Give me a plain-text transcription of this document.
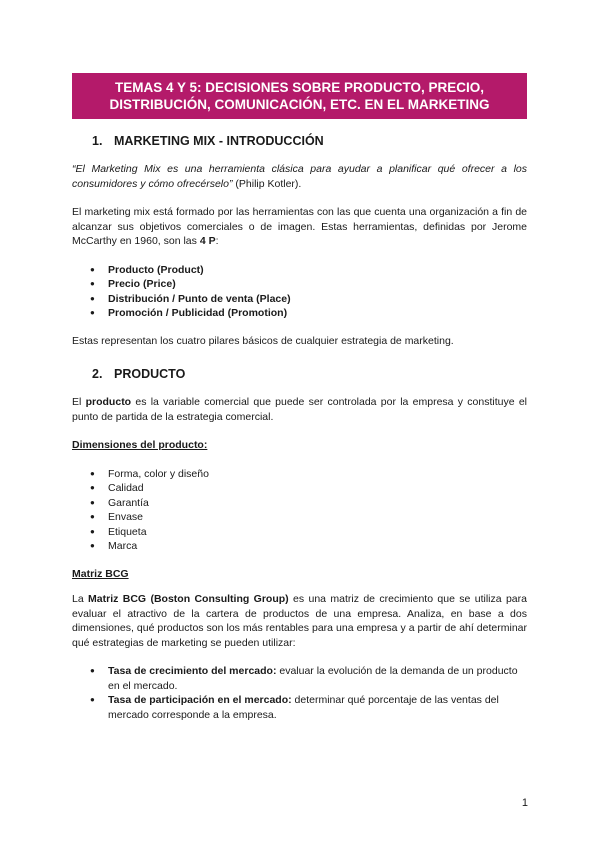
TEMAS 4 Y 5: DECISIONES SOBRE PRODUCTO, PRECIO,
DISTRIBUCIÓN, COMUNICACIÓN, ETC. EN EL MARKETING
1. MARKETING MIX - INTRODUCCIÓN

“El Marketing Mix es una herramienta clásica para ayudar a planificar qué ofrecer a los consumidores y cómo ofrecérselo” (Philip Kotler).

El marketing mix está formado por las herramientas con las que cuenta una organización a fin de alcanzar sus objetivos comerciales o de imagen. Estas herramientas, definidas por Jerome McCarthy en 1960, son las 4 P:

● Producto (Product)
● Precio (Price)
● Distribución / Punto de venta (Place)
● Promoción / Publicidad (Promotion)

Estas representan los cuatro pilares básicos de cualquier estrategia de marketing.

2. PRODUCTO

El producto es la variable comercial que puede ser controlada por la empresa y constituye el punto de partida de la estrategia comercial.

Dimensiones del producto:

● Forma, color y diseño
● Calidad
● Garantía
● Envase
● Etiqueta
● Marca

Matriz BCG

La Matriz BCG (Boston Consulting Group) es una matriz de crecimiento que se utiliza para evaluar el atractivo de la cartera de productos de una empresa. Analiza, en base a dos dimensiones, qué productos son los más rentables para una empresa y a partir de ahí determinar qué estrategias de marketing se pueden utilizar:

● Tasa de crecimiento del mercado: evaluar la evolución de la demanda de un producto en el mercado.
● Tasa de participación en el mercado: determinar qué porcentaje de las ventas del mercado corresponde a la empresa.
1
